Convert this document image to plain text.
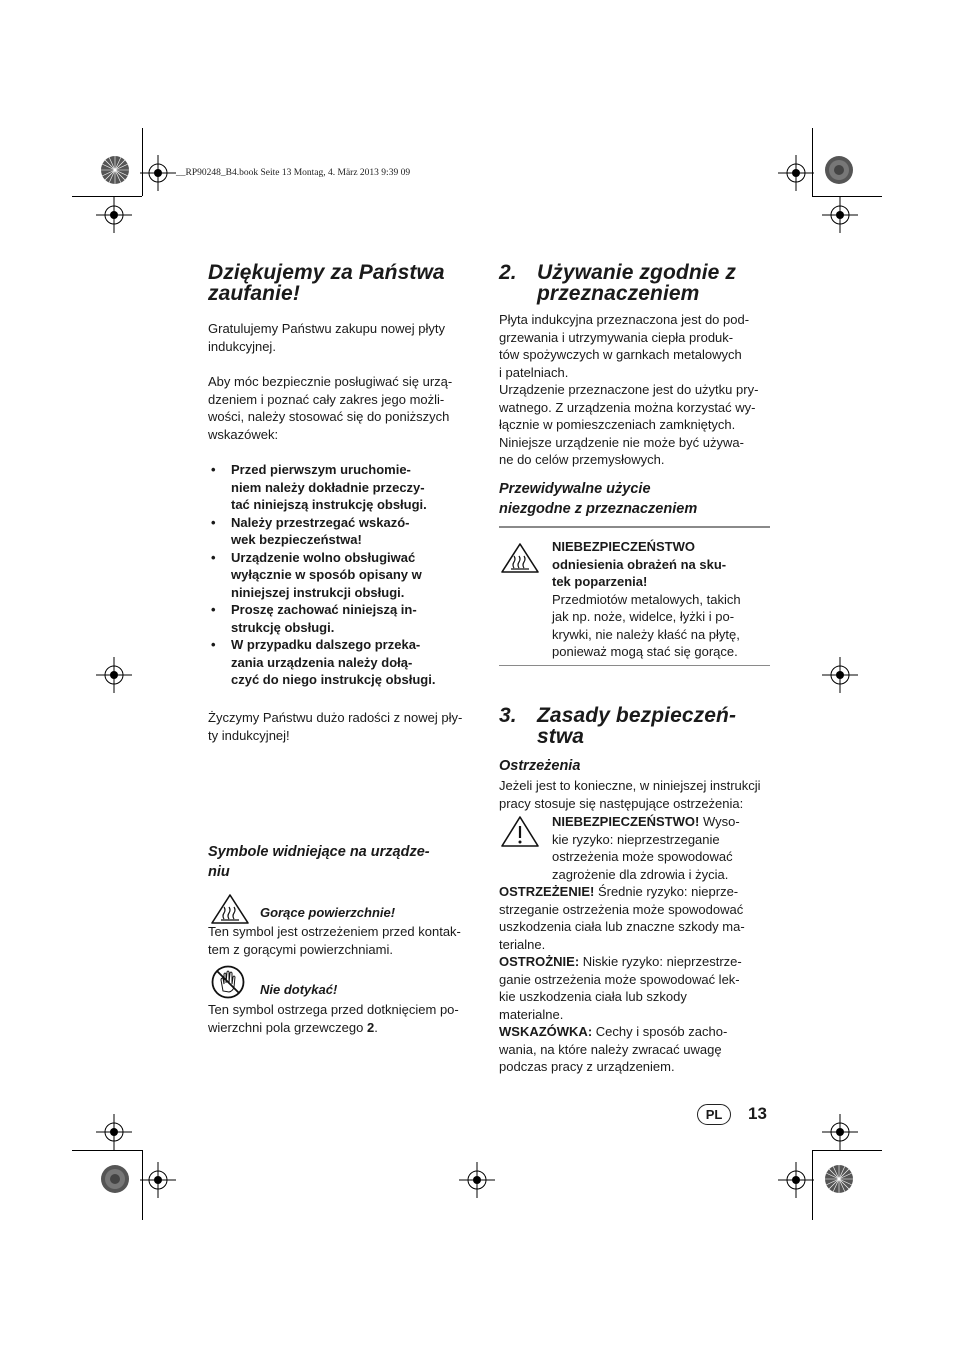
__RP90248_B4.book Seite 13 Montag, 4. März 2013 9:39 09
Dziękujemy za Państwa
zaufanie!
Gratulujemy Państwu zakupu nowej płyty
indukcyjnej.
Aby móc bezpiecznie posługiwać się urzą-
dzeniem i poznać cały zakres jego możli-
wości, należy stosować się do poniższych
wskazówek:
• Przed pierwszym uruchomie-
niem należy dokładnie przeczy-
tać niniejszą instrukcję obsługi.
• Należy przestrzegać wskazó-
wek bezpieczeństwa!
• Urządzenie wolno obsługiwać
wyłącznie w sposób opisany w
niniejszej instrukcji obsługi.
• Proszę zachować niniejszą in-
strukcję obsługi.
• W przypadku dalszego przeka-
zania urządzenia należy dołą-
czyć do niego instrukcję obsługi.
Życzymy Państwu dużo radości z nowej pły-
ty indukcyjnej!
Symbole widniejące na urządze-
niu
Gorące powierzchnie!
Ten symbol jest ostrzeżeniem przed kontak-
tem z gorącymi powierzchniami.
Nie dotykać!
Ten symbol ostrzega przed dotknięciem po-
wierzchni pola grzewczego 2.
2. Używanie zgodnie z
przeznaczeniem
Płyta indukcyjna przeznaczona jest do pod-
grzewania i utrzymywania ciepła produk-
tów spożywczych w garnkach metalowych
i patelniach.
Urządzenie przeznaczone jest do użytku pry-
watnego. Z urządzenia można korzystać wy-
łącznie w pomieszczeniach zamkniętych.
Niniejsze urządzenie nie może być używa-
ne do celów przemysłowych.
Przewidywalne użycie
niezgodne z przeznaczeniem
NIEBEZPIECZEŃSTWO
odniesienia obrażeń na sku-
tek poparzenia!
Przedmiotów metalowych, takich
jak np. noże, widelce, łyżki i po-
krywki, nie należy kłaść na płytę,
ponieważ mogą stać się gorące.
3. Zasady bezpieczeń-
stwa
Ostrzeżenia
Jeżeli jest to konieczne, w niniejszej instrukcji
pracy stosuje się następujące ostrzeżenia:
NIEBEZPIECZEŃSTWO! Wyso-
kie ryzyko: nieprzestrzeganie
ostrzeżenia może spowodować
zagrożenie dla zdrowia i życia.
OSTRZEŻENIE! Średnie ryzyko: nieprze-
strzeganie ostrzeżenia może spowodować
uszkodzenia ciała lub znaczne szkody ma-
terialne.
OSTROŻNIE: Niskie ryzyko: nieprzestrze-
ganie ostrzeżenia może spowodować lek-
kie uszkodzenia ciała lub szkody
materialne.
WSKAZÓWKA: Cechy i sposób zacho-
wania, na które należy zwracać uwagę
podczas pracy z urządzeniem.
PL	13
